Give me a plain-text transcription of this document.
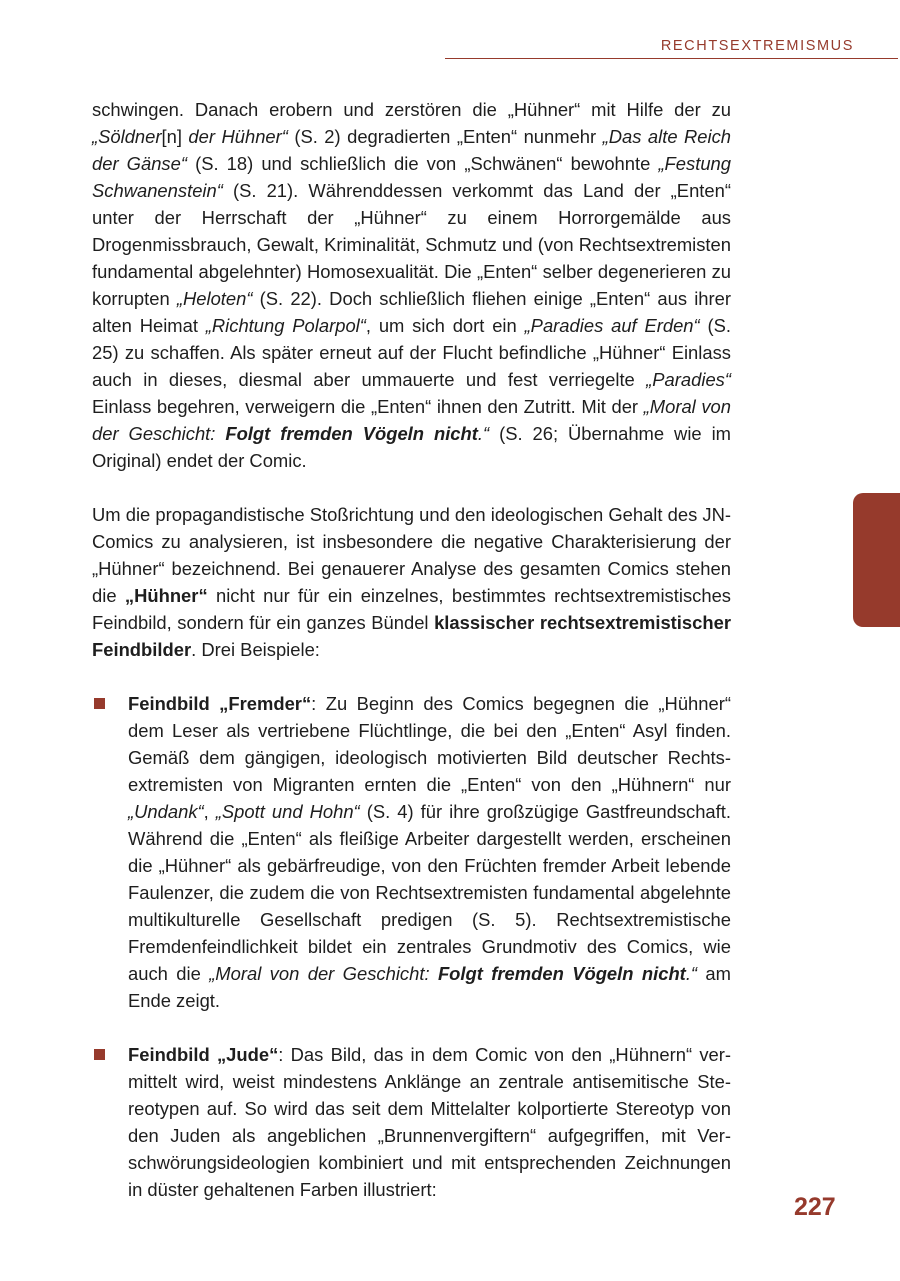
RECHTSEXTREMISMUS

schwingen. Danach erobern und zerstören die „Hühner“ mit Hilfe der zu „Söldner[n] der Hühner“ (S. 2) degradierten „Enten“ nunmehr „Das alte Reich der Gänse“ (S. 18) und schließlich die von „Schwänen“ bewohnte „Festung Schwanenstein“ (S. 21). Währenddessen verkommt das Land der „Enten“ unter der Herrschaft der „Hühner“ zu einem Horrorgemälde aus Drogenmissbrauch, Gewalt, Kriminalität, Schmutz und (von Rechtsextremisten fundamental abgelehnter) Homosexualität. Die „Enten“ selber degenerieren zu korrupten „Heloten“ (S. 22). Doch schließlich fliehen einige „Enten“ aus ihrer alten Heimat „Richtung Polarpol“, um sich dort ein „Paradies auf Erden“ (S. 25) zu schaffen. Als später erneut auf der Flucht befindliche „Hühner“ Einlass auch in dieses, diesmal aber ummauerte und fest verriegelte „Paradies“ Einlass begehren, verweigern die „Enten“ ihnen den Zutritt. Mit der „Moral von der Geschicht: Folgt fremden Vögeln nicht.“ (S. 26; Übernahme wie im Original) endet der Comic.

Um die propagandistische Stoßrichtung und den ideologischen Gehalt des JN-Comics zu analysieren, ist insbesondere die negative Charakterisierung der „Hühner“ bezeichnend. Bei genauerer Analyse des gesamten Comics stehen die „Hühner“ nicht nur für ein einzelnes, bestimmtes rechtsextremistisches Feindbild, sondern für ein ganzes Bündel klassischer rechtsextremistischer Feindbilder. Drei Beispiele:

Feindbild „Fremder“: Zu Beginn des Comics begegnen die „Hühner“ dem Leser als vertriebene Flüchtlinge, die bei den „Enten“ Asyl finden. Gemäß dem gängigen, ideologisch motivierten Bild deutscher Rechtsextremisten von Migranten ernten die „Enten“ von den „Hühnern“ nur „Undank“, „Spott und Hohn“ (S. 4) für ihre großzügige Gastfreundschaft. Während die „Enten“ als fleißige Arbeiter dargestellt werden, erscheinen die „Hühner“ als gebärfreudige, von den Früchten fremder Arbeit lebende Faulenzer, die zudem die von Rechtsextremisten fundamental abgelehnte multikulturelle Gesellschaft predigen (S. 5). Rechtsextremistische Fremdenfeindlichkeit bildet ein zentrales Grundmotiv des Comics, wie auch die „Moral von der Geschicht: Folgt fremden Vögeln nicht.“ am Ende zeigt.
Feindbild „Jude“: Das Bild, das in dem Comic von den „Hühnern“ vermittelt wird, weist mindestens Anklänge an zentrale antisemitische Stereotypen auf. So wird das seit dem Mittelalter kolportierte Stereotyp von den Juden als angeblichen „Brunnenvergiftern“ aufgegriffen, mit Verschwörungsideologien kombiniert und mit entsprechenden Zeichnungen in düster gehaltenen Farben illustriert:
227
